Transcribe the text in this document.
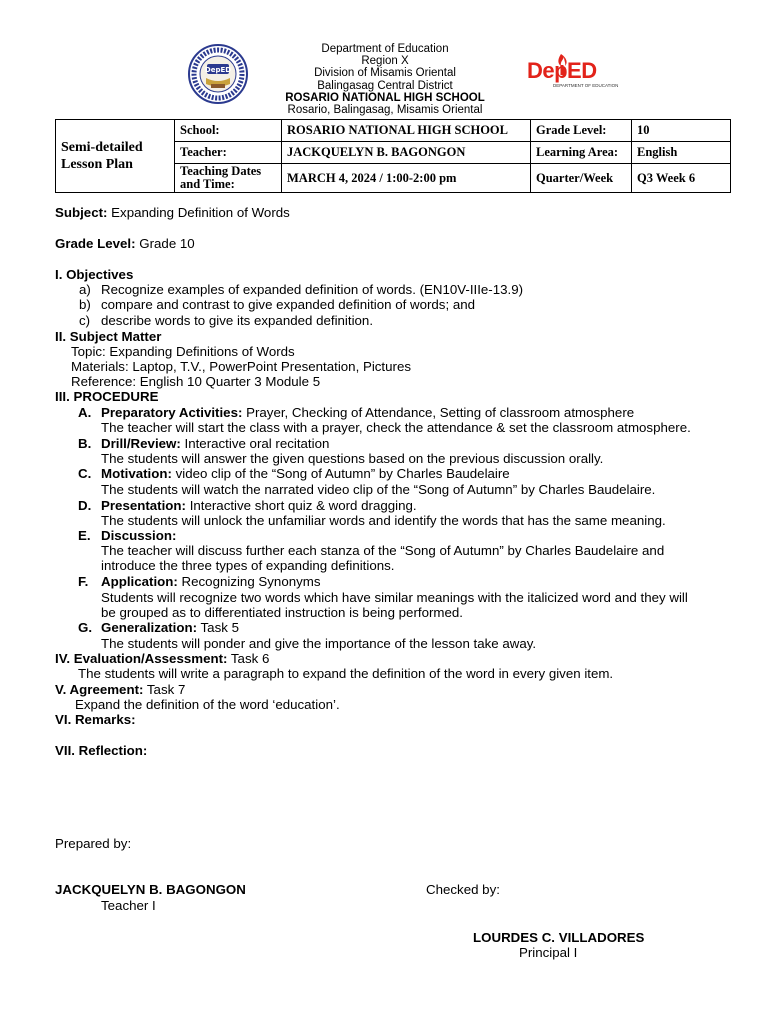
DepED
Department of Education
Region X
Division of Misamis Oriental
Balingasag Central District
ROSARIO NATIONAL HIGH SCHOOL
Rosario, Balingasag, Misamis Oriental
DepED
DEPARTMENT OF EDUCATION
Semi-detailed Lesson Plan	School:	ROSARIO NATIONAL HIGH SCHOOL	Grade Level:	10
	Teacher:	JACKQUELYN B. BAGONGON	Learning Area:	English
	Teaching Dates and Time:	MARCH 4, 2024 / 1:00-2:00 pm	Quarter/Week	Q3 Week 6
Subject: Expanding Definition of Words
Grade Level: Grade 10
I. Objectives
a) Recognize examples of expanded definition of words. (EN10V-IIIe-13.9)
b) compare and contrast to give expanded definition of words; and
c) describe words to give its expanded definition.
II. Subject Matter
Topic: Expanding Definitions of Words
Materials: Laptop, T.V., PowerPoint Presentation, Pictures
Reference: English 10 Quarter 3 Module 5
III. PROCEDURE
A. Preparatory Activities: Prayer, Checking of Attendance, Setting of classroom atmosphere
The teacher will start the class with a prayer, check the attendance & set the classroom atmosphere.
B. Drill/Review: Interactive oral recitation
The students will answer the given questions based on the previous discussion orally.
C. Motivation: video clip of the “Song of Autumn” by Charles Baudelaire
The students will watch the narrated video clip of the “Song of Autumn” by Charles Baudelaire.
D. Presentation: Interactive short quiz & word dragging.
The students will unlock the unfamiliar words and identify the words that has the same meaning.
E. Discussion:
The teacher will discuss further each stanza of the “Song of Autumn” by Charles Baudelaire and
introduce the three types of expanding definitions.
F. Application: Recognizing Synonyms
Students will recognize two words which have similar meanings with the italicized word and they will
be grouped as to differentiated instruction is being performed.
G. Generalization: Task 5
The students will ponder and give the importance of the lesson take away.
IV. Evaluation/Assessment: Task 6
The students will write a paragraph to expand the definition of the word in every given item.
V. Agreement: Task 7
Expand the definition of the word ‘education’.
VI. Remarks:
VII. Reflection:
Prepared by:
JACKQUELYN B. BAGONGON
Teacher I
Checked by:
LOURDES C. VILLADORES
Principal I
